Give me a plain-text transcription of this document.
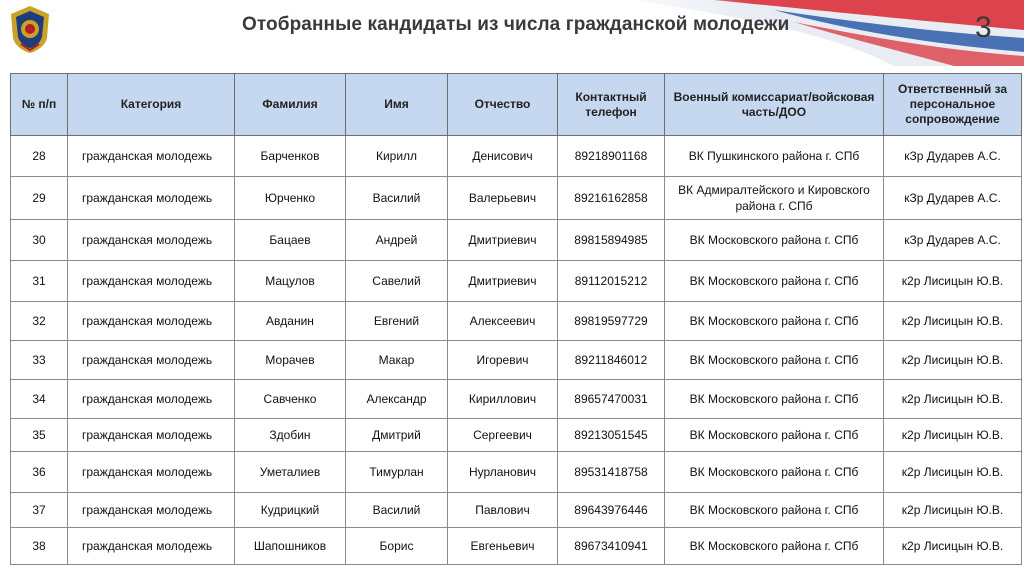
Отобранные кандидаты из числа гражданской молодежи	3
№ п/п	Категория	Фамилия	Имя	Отчество	Контактный телефон	Военный комиссариат/войсковая часть/ДОО	Ответственный за персональное сопровождение
28	гражданская молодежь	Барченков	Кирилл	Денисович	89218901168	ВК Пушкинского района г. СПб	кЗр Дударев А.С.
29	гражданская молодежь	Юрченко	Василий	Валерьевич	89216162858	ВК Адмиралтейского и Кировского района г. СПб	кЗр Дударев А.С.
30	гражданская молодежь	Бацаев	Андрей	Дмитриевич	89815894985	ВК Московского района г. СПб	кЗр Дударев А.С.
31	гражданская молодежь	Мацулов	Савелий	Дмитриевич	89112015212	ВК Московского района г. СПб	к2р Лисицын Ю.В.
32	гражданская молодежь	Авданин	Евгений	Алексеевич	89819597729	ВК Московского района г. СПб	к2р Лисицын Ю.В.
33	гражданская молодежь	Морачев	Макар	Игоревич	89211846012	ВК Московского района г. СПб	к2р Лисицын Ю.В.
34	гражданская молодежь	Савченко	Александр	Кириллович	89657470031	ВК Московского района г. СПб	к2р Лисицын Ю.В.
35	гражданская молодежь	Здобин	Дмитрий	Сергеевич	89213051545	ВК Московского района г. СПб	к2р Лисицын Ю.В.
36	гражданская молодежь	Уметалиев	Тимурлан	Нурланович	89531418758	ВК Московского района г. СПб	к2р Лисицын Ю.В.
37	гражданская молодежь	Кудрицкий	Василий	Павлович	89643976446	ВК Московского района г. СПб	к2р Лисицын Ю.В.
38	гражданская молодежь	Шапошников	Борис	Евгеньевич	89673410941	ВК Московского района г. СПб	к2р Лисицын Ю.В.
